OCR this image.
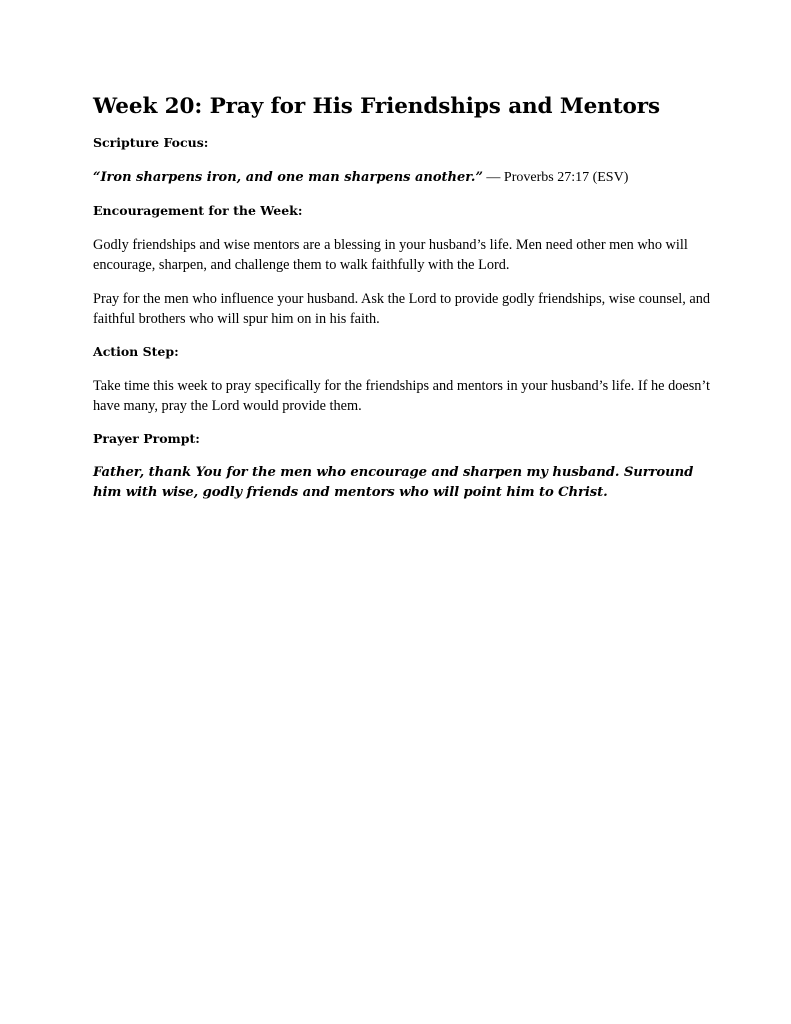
Week 20: Pray for His Friendships and Mentors
Scripture Focus:

“Iron sharpens iron, and one man sharpens another.” — Proverbs 27:17 (ESV)

Encouragement for the Week:

Godly friendships and wise mentors are a blessing in your husband’s life. Men need other men who will encourage, sharpen, and challenge them to walk faithfully with the Lord.

Pray for the men who influence your husband. Ask the Lord to provide godly friendships, wise counsel, and faithful brothers who will spur him on in his faith.

Action Step:

Take time this week to pray specifically for the friendships and mentors in your husband’s life. If he doesn’t have many, pray the Lord would provide them.

Prayer Prompt:

Father, thank You for the men who encourage and sharpen my husband. Surround him with wise, godly friends and mentors who will point him to Christ.
